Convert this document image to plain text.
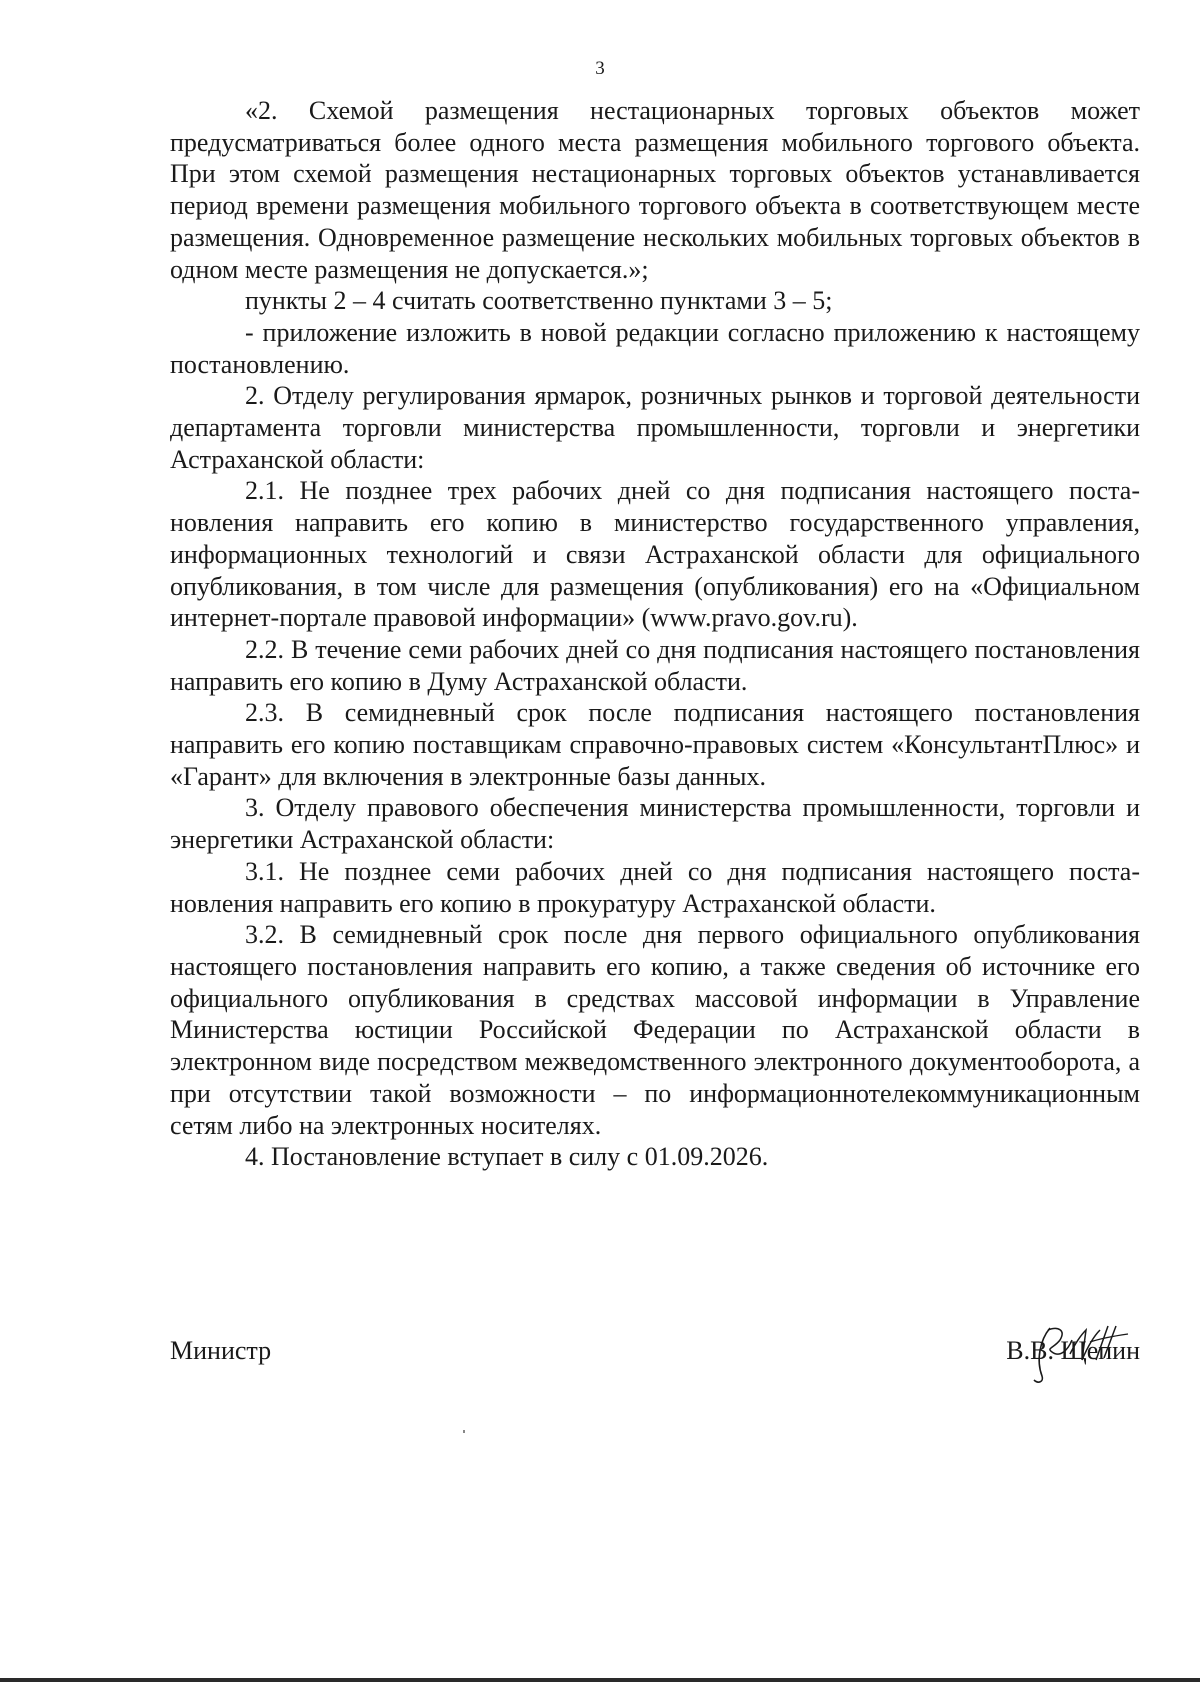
3

«2. Схемой размещения нестационарных торговых объектов может предусматриваться более одного места размещения мобильного торгового объекта. При этом схемой размещения нестационарных торговых объектов устанавливается период времени размещения мобильного торгового объекта в соответствующем месте размещения. Одновременное размещение нескольких мобильных торговых объектов в одном месте размещения не допускается.»;

пункты 2 – 4 считать соответственно пунктами 3 – 5;

- приложение изложить в новой редакции согласно приложению к настоящему постановлению.

2. Отделу регулирования ярмарок, розничных рынков и торговой деятельности департамента торговли министерства промышленности, торговли и энергетики Астраханской области:

2.1. Не позднее трех рабочих дней со дня подписания настоящего постановления направить его копию в министерство государственного управления, информационных технологий и связи Астраханской области для официального опубликования, в том числе для размещения (опубликования) его на «Официальном интернет-портале правовой информации» (www.pravo.gov.ru).

2.2. В течение семи рабочих дней со дня подписания настоящего постановления направить его копию в Думу Астраханской области.

2.3. В семидневный срок после подписания настоящего постановления направить его копию поставщикам справочно-правовых систем «КонсультантПлюс» и «Гарант» для включения в электронные базы данных.

3. Отделу правового обеспечения министерства промышленности, торговли и энергетики Астраханской области:

3.1. Не позднее семи рабочих дней со дня подписания настоящего постановления направить его копию в прокуратуру Астраханской области.

3.2. В семидневный срок после дня первого официального опубликования настоящего постановления направить его копию, а также сведения об источнике его официального опубликования в средствах массовой информации в Управление Министерства юстиции Российской Федерации по Астраханской области в электронном виде посредством межведомственного электронного документооборота, а при отсутствии такой возможности – по информационнотелекоммуникационным сетям либо на электронных носителях.

4. Постановление вступает в силу с 01.09.2026.

Министр	В.В. Щепин
